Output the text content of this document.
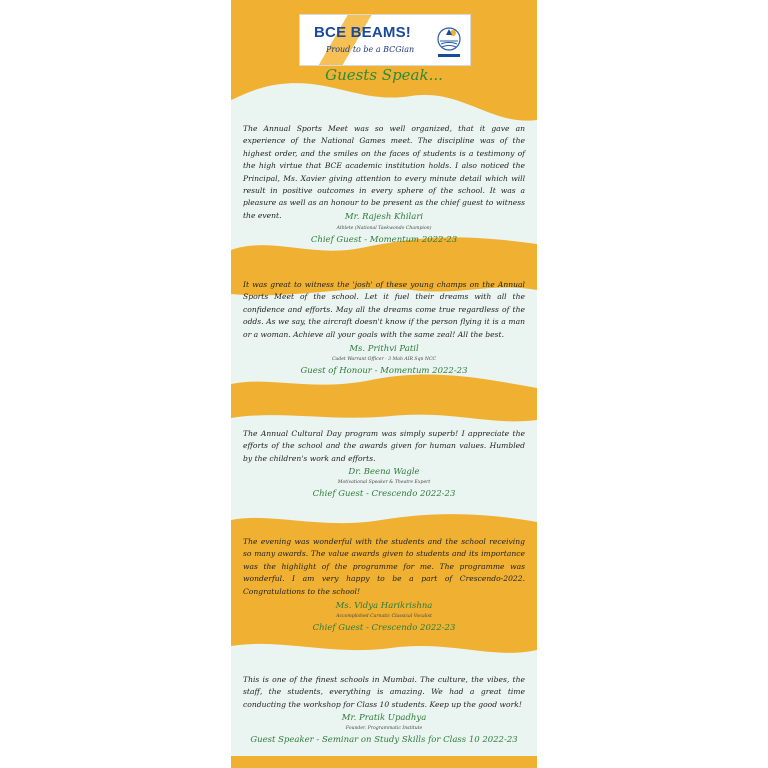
BCE BEAMS!
Proud to be a BCGian
Guests Speak...
The Annual Sports Meet was so well organized, that it gave an experience of the National Games meet. The discipline was of the highest order, and the smiles on the faces of students is a testimony of the high virtue that BCE academic institution holds. I also noticed the Principal, Ms. Xavier giving attention to every minute detail which will result in positive outcomes in every sphere of the school. It was a pleasure as well as an honour to be present as the chief guest to witness the event.	Mr. Rajesh Khilari
Athlete (National Taekwondo Champion)
Chief Guest - Momentum 2022-23
It was great to witness the 'josh' of these young champs on the Annual Sports Meet of the school. Let it fuel their dreams with all the confidence and efforts. May all the dreams come true regardless of the odds. As we say, the aircraft doesn't know if the person flying it is a man or a woman. Achieve all your goals with the same zeal! All the best.
Ms. Prithvi Patil
Cadet Warrant Officer - 3 Mah AIR Sqn NCC
Guest of Honour - Momentum 2022-23
The Annual Cultural Day program was simply superb! I appreciate the efforts of the school and the awards given for human values. Humbled by the children's work and efforts.
Dr. Beena Wagle
Motivational Speaker & Theatre Expert
Chief Guest - Crescendo 2022-23
The evening was wonderful with the students and the school receiving so many awards. The value awards given to students and its importance was the highlight of the programme for me. The programme was wonderful. I am very happy to be a part of Crescendo-2022. Congratulations to the school!
Ms. Vidya Harikrishna
Accomplished Carnatic Classical Vocalist
Chief Guest - Crescendo 2022-23
This is one of the finest schools in Mumbai. The culture, the vibes, the staff, the students, everything is amazing. We had a great time conducting the workshop for Class 10 students. Keep up the good work!
Mr. Pratik Upadhya
Founder, Programmatic Institute
Guest Speaker - Seminar on Study Skills for Class 10 2022-23
